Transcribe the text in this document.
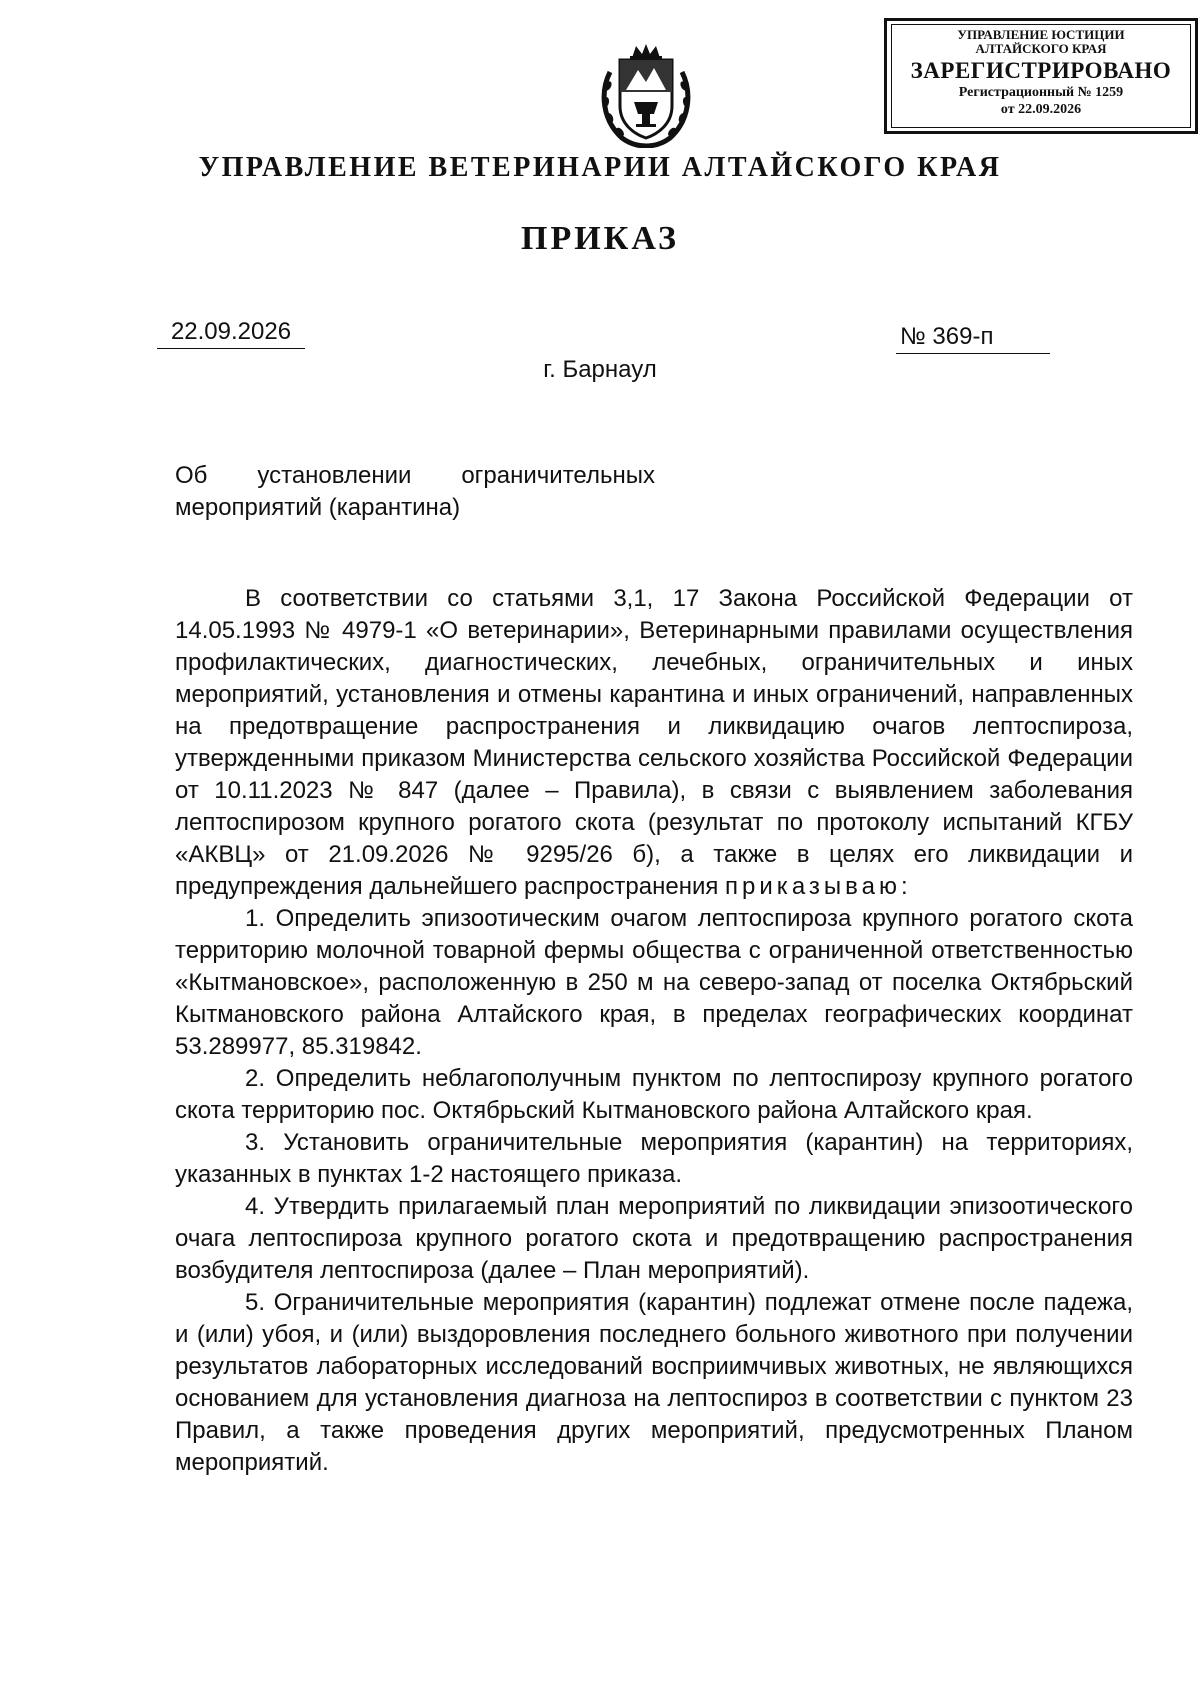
УПРАВЛЕНИЕ ЮСТИЦИИ
АЛТАЙСКОГО КРАЯ
ЗАРЕГИСТРИРОВАНО
Регистрационный № 1259
от 22.09.2026
УПРАВЛЕНИЕ ВЕТЕРИНАРИИ АЛТАЙСКОГО КРАЯ
ПРИКАЗ
22.09.2026	№ 369-п
г. Барнаул
Об установлении ограничительных
мероприятий (карантина)

В соответствии со статьями 3,1, 17 Закона Российской Федерации от 14.05.1993 № 4979-1 «О ветеринарии», Ветеринарными правилами осуществления профилактических, диагностических, лечебных, ограничительных и иных мероприятий, установления и отмены карантина и иных ограничений, направленных на предотвращение распространения и ликвидацию очагов лептоспироза, утвержденными приказом Министерства сельского хозяйства Российской Федерации от 10.11.2023 № 847 (далее – Правила), в связи с выявлением заболевания лептоспирозом крупного рогатого скота (результат по протоколу испытаний КГБУ «АКВЦ» от 21.09.2026 № 9295/26 б), а также в целях его ликвидации и предупреждения дальнейшего распространения приказываю:

1. Определить эпизоотическим очагом лептоспироза крупного рогатого скота территорию молочной товарной фермы общества с ограниченной ответственностью «Кытмановское», расположенную в 250 м на северо-запад от поселка Октябрьский Кытмановского района Алтайского края, в пределах географических координат 53.289977, 85.319842.

2. Определить неблагополучным пунктом по лептоспирозу крупного рогатого скота территорию пос. Октябрьский Кытмановского района Алтайского края.

3. Установить ограничительные мероприятия (карантин) на территориях, указанных в пунктах 1-2 настоящего приказа.

4. Утвердить прилагаемый план мероприятий по ликвидации эпизоотического очага лептоспироза крупного рогатого скота и предотвращению распространения возбудителя лептоспироза (далее – План мероприятий).

5. Ограничительные мероприятия (карантин) подлежат отмене после падежа, и (или) убоя, и (или) выздоровления последнего больного животного при получении результатов лабораторных исследований восприимчивых животных, не являющихся основанием для установления диагноза на лептоспироз в соответствии с пунктом 23 Правил, а также проведения других мероприятий, предусмотренных Планом мероприятий.
